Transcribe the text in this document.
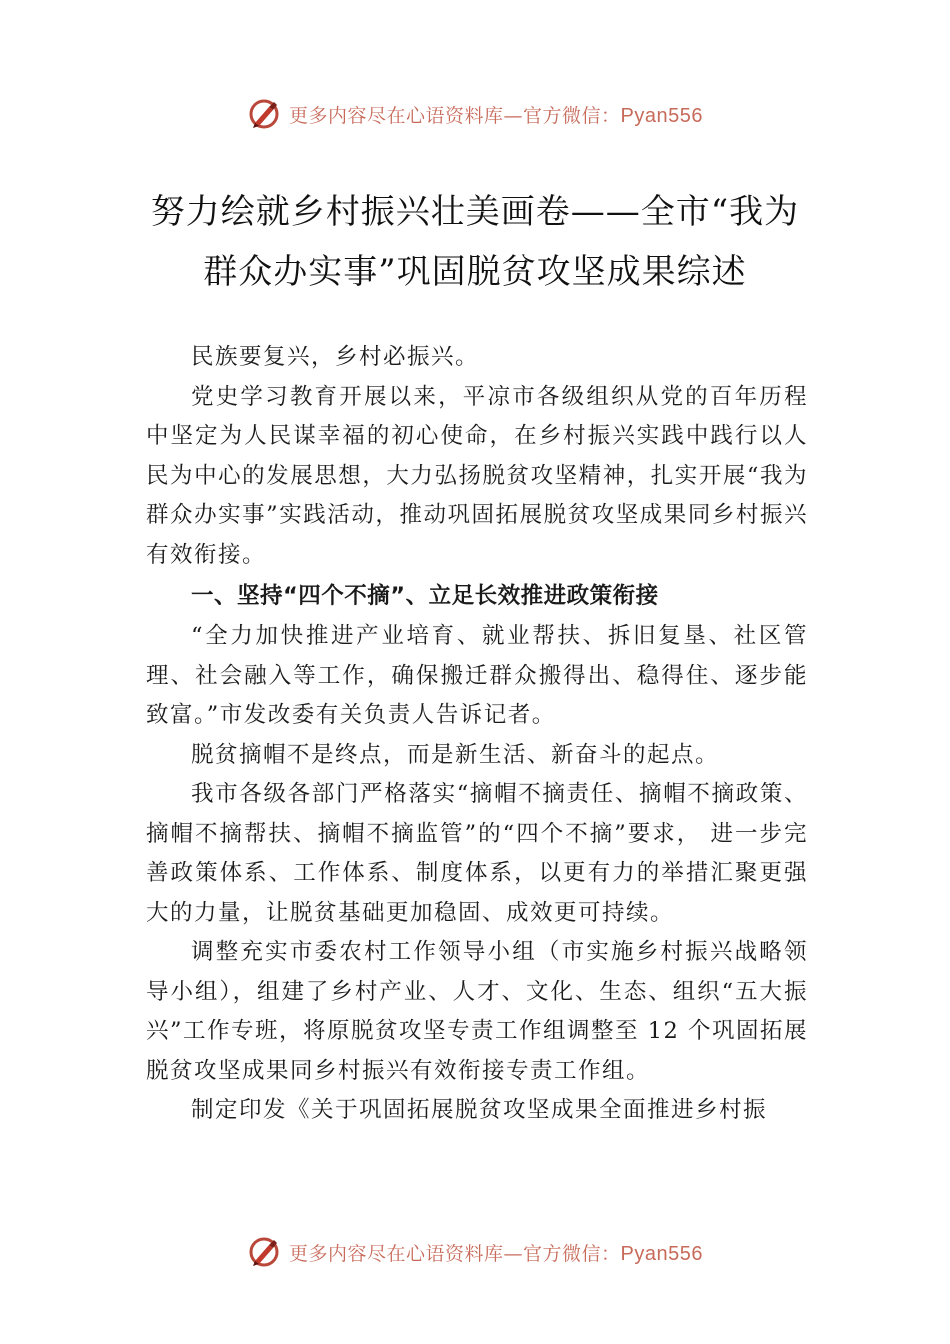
更多内容尽在心语资料库—官方微信：Pyan556
努力绘就乡村振兴壮美画卷——全市“我为群众办实事”巩固脱贫攻坚成果综述

民族要复兴，乡村必振兴。

党史学习教育开展以来，平凉市各级组织从党的百年历程中坚定为人民谋幸福的初心使命，在乡村振兴实践中践行以人民为中心的发展思想，大力弘扬脱贫攻坚精神，扎实开展“我为群众办实事”实践活动，推动巩固拓展脱贫攻坚成果同乡村振兴有效衔接。

一、坚持“四个不摘”、立足长效推进政策衔接

“全力加快推进产业培育、就业帮扶、拆旧复垦、社区管理、社会融入等工作，确保搬迁群众搬得出、稳得住、逐步能致富。”市发改委有关负责人告诉记者。

脱贫摘帽不是终点，而是新生活、新奋斗的起点。

我市各级各部门严格落实“摘帽不摘责任、摘帽不摘政策、摘帽不摘帮扶、摘帽不摘监管”的“四个不摘”要求， 进一步完善政策体系、工作体系、制度体系，以更有力的举措汇聚更强大的力量，让脱贫基础更加稳固、成效更可持续。

调整充实市委农村工作领导小组（市实施乡村振兴战略领导小组），组建了乡村产业、人才、文化、生态、组织“五大振兴”工作专班，将原脱贫攻坚专责工作组调整至 12 个巩固拓展脱贫攻坚成果同乡村振兴有效衔接专责工作组。

制定印发《关于巩固拓展脱贫攻坚成果全面推进乡村振

更多内容尽在心语资料库—官方微信：Pyan556
